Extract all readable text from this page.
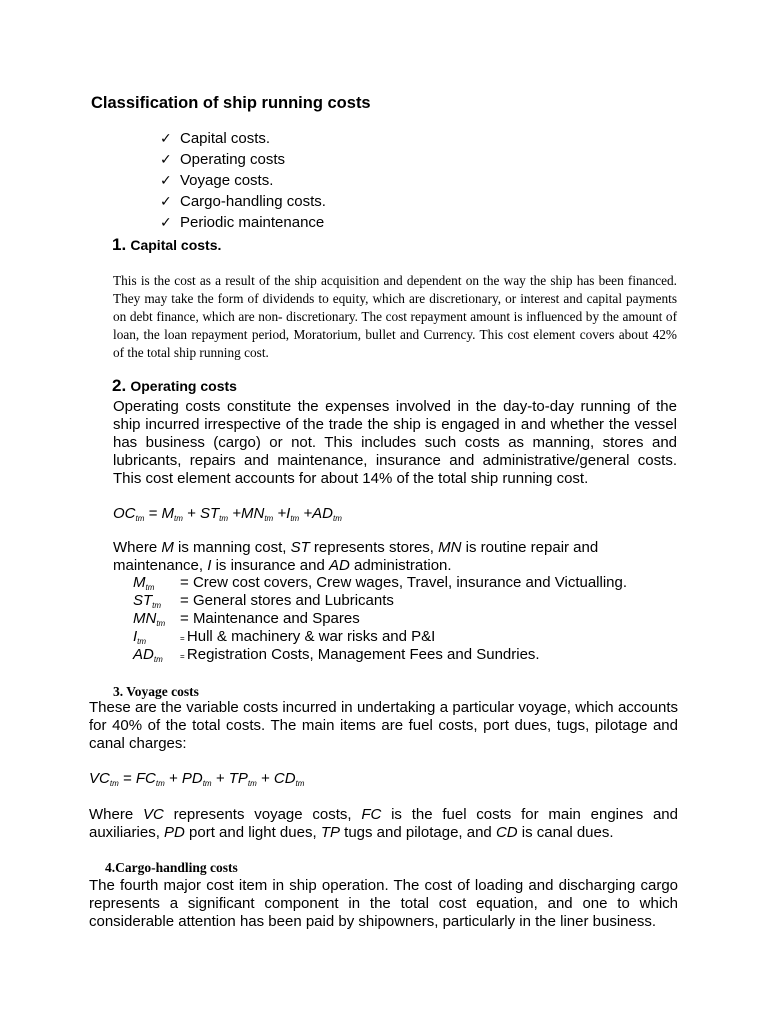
Classification of ship running costs
✓ Capital costs.
✓ Operating costs
✓ Voyage costs.
✓ Cargo-handling costs.
✓ Periodic maintenance
1. Capital costs.
This is the cost as a result of the ship acquisition and dependent on the way the ship has been financed. They may take the form of dividends to equity, which are discretionary, or interest and capital payments on debt finance, which are non- discretionary. The cost repayment amount is influenced by the amount of loan, the loan repayment period, Moratorium, bullet and Currency. This cost element covers about 42% of the total ship running cost.
2. Operating costs
Operating costs constitute the expenses involved in the day-to-day running of the ship incurred irrespective of the trade the ship is engaged in and whether the vessel has business (cargo) or not. This includes such costs as manning, stores and lubricants, repairs and maintenance, insurance and administrative/general costs. This cost element accounts for about 14% of the total ship running cost.
$OC_{tm} = M_{tm} + ST_{tm} +MN_{tm} +I_{tm} +AD_{tm}$
Where M is manning cost, ST represents stores, MN is routine repair and maintenance, I is insurance and AD administration.
$M_{tm}$ = Crew cost covers, Crew wages, Travel, insurance and Victualling.
$ST_{tm}$ = General stores and Lubricants
$MN_{tm}$ = Maintenance and Spares
$I_{tm}$	= Hull & machinery & war risks and P&I
$AD_{tm}$ = Registration Costs, Management Fees and Sundries.
3. Voyage costs
These are the variable costs incurred in undertaking a particular voyage, which accounts for 40% of the total costs. The main items are fuel costs, port dues, tugs, pilotage and canal charges:
$VC_{tm} = FC_{tm} + PD_{tm} + TP_{tm} + CD_{tm}$
Where VC represents voyage costs, FC is the fuel costs for main engines and auxiliaries, PD port and light dues, TP tugs and pilotage, and CD is canal dues.
4.Cargo-handling costs
The fourth major cost item in ship operation. The cost of loading and discharging cargo represents a significant component in the total cost equation, and one to which considerable attention has been paid by shipowners, particularly in the liner business.
